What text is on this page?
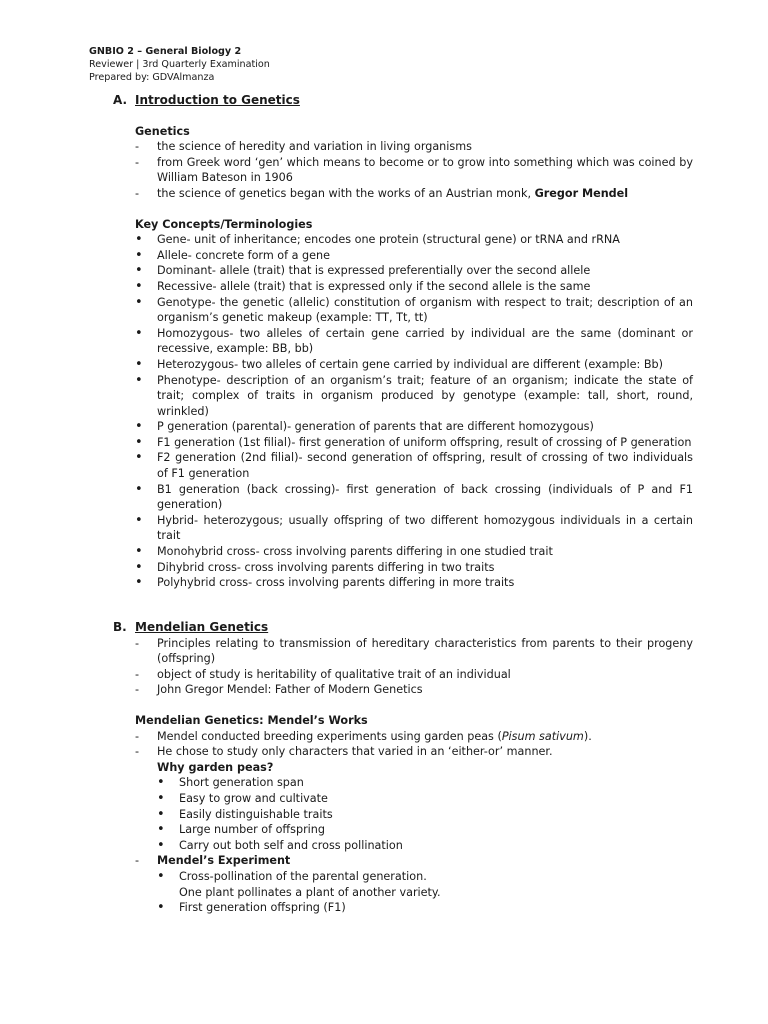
GNBIO 2 – General Biology 2
Reviewer | 3rd Quarterly Examination
Prepared by: GDVAlmanza
A. Introduction to Genetics
Genetics
- the science of heredity and variation in living organisms
- from Greek word ‘gen’ which means to become or to grow into something which was coined by William Bateson in 1906
- the science of genetics began with the works of an Austrian monk, Gregor Mendel
Key Concepts/Terminologies
• Gene- unit of inheritance; encodes one protein (structural gene) or tRNA and rRNA
• Allele- concrete form of a gene
• Dominant- allele (trait) that is expressed preferentially over the second allele
• Recessive- allele (trait) that is expressed only if the second allele is the same
• Genotype- the genetic (allelic) constitution of organism with respect to trait; description of an organism’s genetic makeup (example: TT, Tt, tt)
• Homozygous- two alleles of certain gene carried by individual are the same (dominant or recessive, example: BB, bb)
• Heterozygous- two alleles of certain gene carried by individual are different (example: Bb)
• Phenotype- description of an organism’s trait; feature of an organism; indicate the state of trait; complex of traits in organism produced by genotype (example: tall, short, round, wrinkled)
• P generation (parental)- generation of parents that are different homozygous)
• F1 generation (1st filial)- first generation of uniform offspring, result of crossing of P generation
• F2 generation (2nd filial)- second generation of offspring, result of crossing of two individuals of F1 generation
• B1 generation (back crossing)- first generation of back crossing (individuals of P and F1 generation)
• Hybrid- heterozygous; usually offspring of two different homozygous individuals in a certain trait
• Monohybrid cross- cross involving parents differing in one studied trait
• Dihybrid cross- cross involving parents differing in two traits
• Polyhybrid cross- cross involving parents differing in more traits
B. Mendelian Genetics
- Principles relating to transmission of hereditary characteristics from parents to their progeny (offspring)
- object of study is heritability of qualitative trait of an individual
- John Gregor Mendel: Father of Modern Genetics
Mendelian Genetics: Mendel’s Works
- Mendel conducted breeding experiments using garden peas (Pisum sativum).
- He chose to study only characters that varied in an ‘either-or’ manner.
Why garden peas?
• Short generation span
• Easy to grow and cultivate
• Easily distinguishable traits
• Large number of offspring
• Carry out both self and cross pollination
- Mendel’s Experiment
• Cross-pollination of the parental generation.
One plant pollinates a plant of another variety.
• First generation offspring (F1)
